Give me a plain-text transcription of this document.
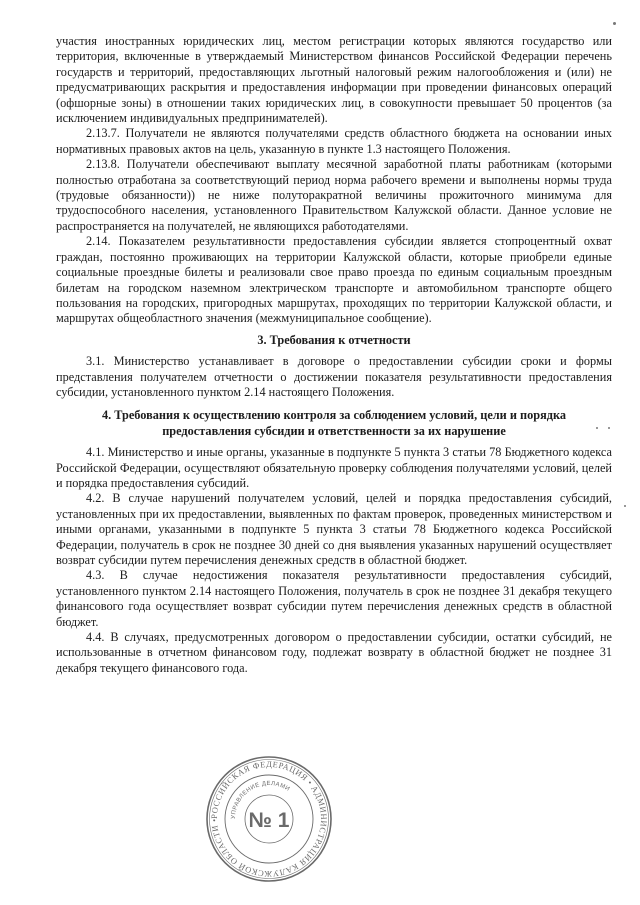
участия иностранных юридических лиц, местом регистрации которых являются государство или территория, включенные в утверждаемый Министерством финансов Российской Федерации перечень государств и территорий, предоставляющих льготный налоговый режим налогообложения и (или) не предусматривающих раскрытия и предоставления информации при проведении финансовых операций (офшорные зоны) в отношении таких юридических лиц, в совокупности превышает 50 процентов (за исключением индивидуальных предпринимателей).

2.13.7. Получатели не являются получателями средств областного бюджета на основании иных нормативных правовых актов на цель, указанную в пункте 1.3 настоящего Положения.

2.13.8. Получатели обеспечивают выплату месячной заработной платы работникам (которыми полностью отработана за соответствующий период норма рабочего времени и выполнены нормы труда (трудовые обязанности)) не ниже полуторакратной величины прожиточного минимума для трудоспособного населения, установленного Правительством Калужской области. Данное условие не распространяется на получателей, не являющихся работодателями.

2.14. Показателем результативности предоставления субсидии является стопроцентный охват граждан, постоянно проживающих на территории Калужской области, которые приобрели единые социальные проездные билеты и реализовали свое право проезда по единым социальным проездным билетам на городском наземном электрическом транспорте и автомобильном транспорте общего пользования на городских, пригородных маршрутах, проходящих по территории Калужской области, и маршрутах общеобластного значения (межмуниципальное сообщение).

3. Требования к отчетности

3.1. Министерство устанавливает в договоре о предоставлении субсидии сроки и формы представления получателем отчетности о достижении показателя результативности предоставления субсидии, установленного пунктом 2.14 настоящего Положения.

4. Требования к осуществлению контроля за соблюдением условий, цели и порядка предоставления субсидии и ответственности за их нарушение

4.1. Министерство и иные органы, указанные в подпункте 5 пункта 3 статьи 78 Бюджетного кодекса Российской Федерации, осуществляют обязательную проверку соблюдения получателями условий, целей и порядка предоставления субсидий.

4.2. В случае нарушений получателем условий, целей и порядка предоставления субсидий, установленных при их предоставлении, выявленных по фактам проверок, проведенных министерством и иными органами, указанными в подпункте 5 пункта 3 статьи 78 Бюджетного кодекса Российской Федерации, получатель в срок не позднее 30 дней со дня выявления указанных нарушений осуществляет возврат субсидии путем перечисления денежных средств в областной бюджет.

4.3. В случае недостижения показателя результативности предоставления субсидий, установленного пунктом 2.14 настоящего Положения, получатель в срок не позднее 31 декабря текущего финансового года осуществляет возврат субсидии путем перечисления денежных средств в областной бюджет.

4.4. В случаях, предусмотренных договором о предоставлении субсидии, остатки субсидий, не использованные в отчетном финансовом году, подлежат возврату в областной бюджет не позднее 31 декабря текущего финансового года.

РОССИЙСКАЯ ФЕДЕРАЦИЯ • АДМИНИСТРАЦИЯ КАЛУЖСКОЙ ОБЛАСТИ •
УПРАВЛЕНИЕ ДЕЛАМИ
№ 1
